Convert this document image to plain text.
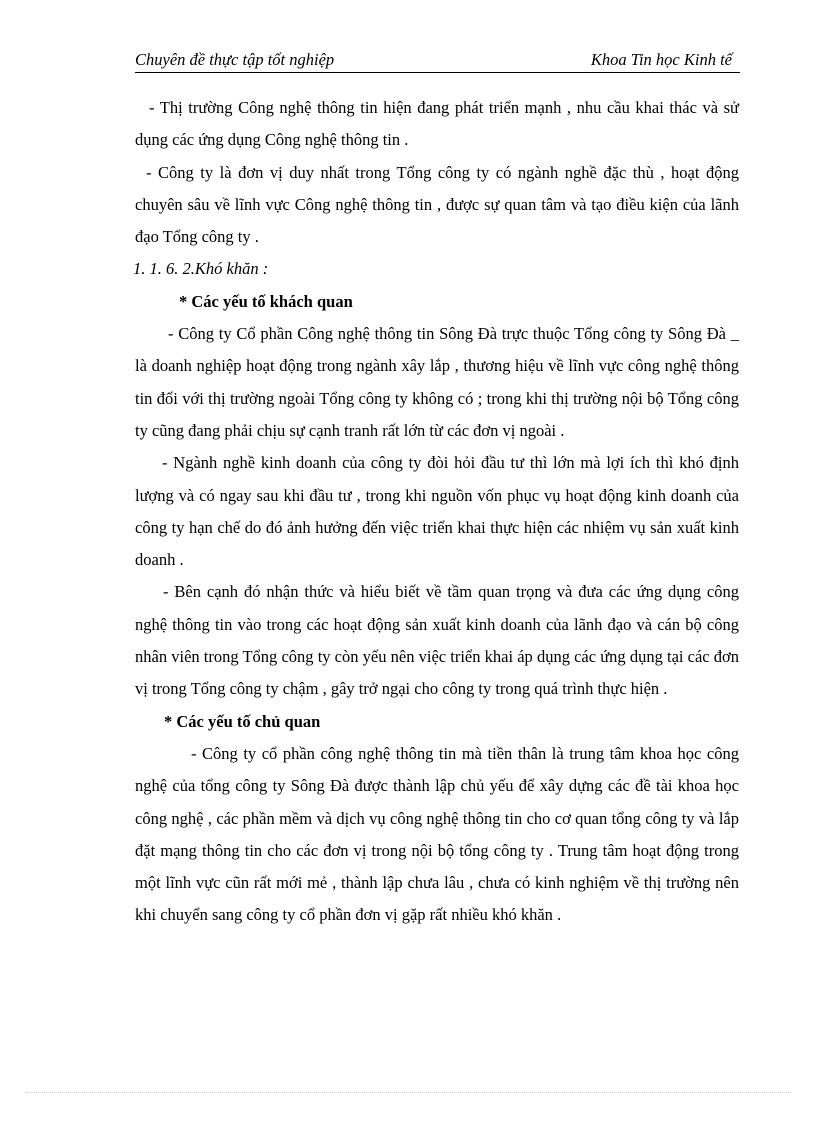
Chuyên đề thực tập tốt nghiệp	Khoa Tin học Kinh tế

- Thị trường Công nghệ thông tin hiện đang phát triển mạnh , nhu cầu khai thác và sử dụng các ứng dụng Công nghệ thông tin .

- Công ty là đơn vị duy nhất trong Tổng công ty có ngành nghề đặc thù , hoạt động chuyên sâu về lĩnh vực Công nghệ thông tin , được sự quan tâm và tạo điều kiện của lãnh đạo Tổng công ty .

1. 1. 6. 2.Khó khăn :

* Các yếu tố khách quan

- Công ty Cổ phần Công nghệ thông tin Sông Đà trực thuộc Tổng công ty Sông Đà _ là doanh nghiệp hoạt động trong ngành xây lắp , thương hiệu về lĩnh vực công nghệ thông tin đối với thị trường ngoài Tổng công ty không có ; trong khi thị trường nội bộ Tổng công ty cũng đang phải chịu sự cạnh tranh rất lớn từ các đơn vị ngoài .

- Ngành nghề kinh doanh của công ty đòi hỏi đầu tư thì lớn mà lợi ích thì khó định lượng và có ngay sau khi đầu tư , trong khi nguồn vốn phục vụ hoạt động kinh doanh của công ty hạn chế do đó ảnh hưởng đến việc triển khai thực hiện các nhiệm vụ sản xuất kinh doanh .

- Bên cạnh đó nhận thức và hiểu biết về tầm quan trọng và đưa các ứng dụng công nghệ thông tin vào trong các hoạt động sản xuất kinh doanh của lãnh đạo và cán bộ công nhân viên trong Tổng công ty còn yếu nên việc triển khai áp dụng các ứng dụng tại các đơn vị trong Tổng công ty chậm , gây trở ngại cho công ty trong quá trình thực hiện .

* Các yếu tố chủ quan

- Công ty cổ phần công nghệ thông tin mà tiền thân là trung tâm khoa học công nghệ của tổng công ty Sông Đà được thành lập chủ yếu để xây dựng các đề tài khoa học công nghệ , các phần mềm và dịch vụ công nghệ thông tin cho cơ quan tổng công ty và lắp đặt mạng thông tin cho các đơn vị trong nội bộ tổng công ty . Trung tâm hoạt động trong một lĩnh vực cũn rất mới mẻ , thành lập chưa lâu , chưa có kinh nghiệm về thị trường nên khi chuyển sang công ty cổ phần đơn vị gặp rất nhiều khó khăn .
